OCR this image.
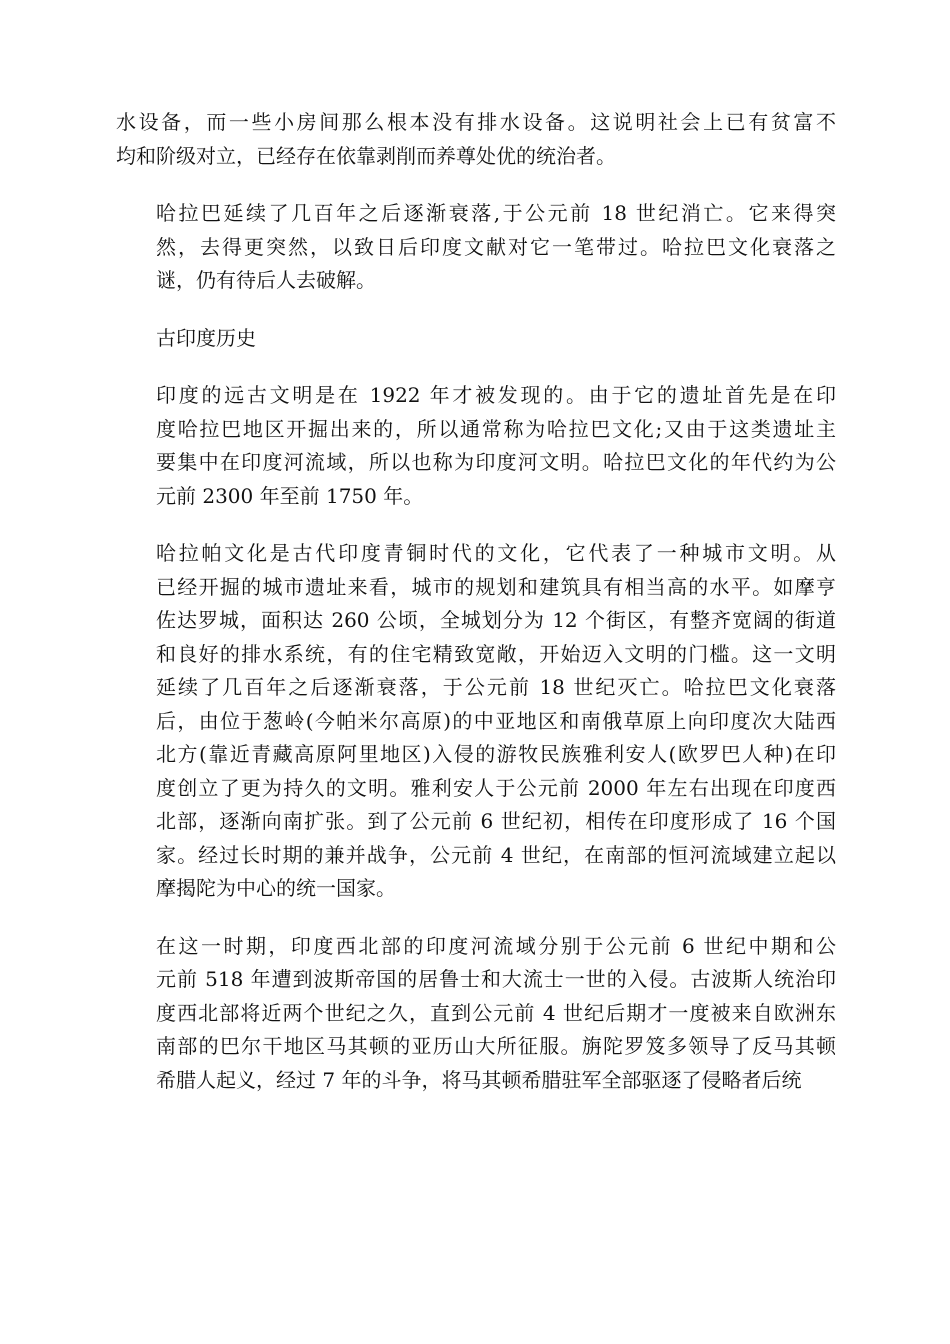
水设备，而一些小房间那么根本没有排水设备。这说明社会上已有贫富不
均和阶级对立，已经存在依靠剥削而养尊处优的统治者。
哈拉巴延续了几百年之后逐渐衰落,于公元前 18 世纪消亡。它来得突
然，去得更突然，以致日后印度文献对它一笔带过。哈拉巴文化衰落之
谜，仍有待后人去破解。
古印度历史
印度的远古文明是在 1922 年才被发现的。由于它的遗址首先是在印
度哈拉巴地区开掘出来的，所以通常称为哈拉巴文化;又由于这类遗址主
要集中在印度河流域，所以也称为印度河文明。哈拉巴文化的年代约为公
元前 2300 年至前 1750 年。
哈拉帕文化是古代印度青铜时代的文化，它代表了一种城市文明。从
已经开掘的城市遗址来看，城市的规划和建筑具有相当高的水平。如摩亨
佐达罗城，面积达 260 公顷，全城划分为 12 个街区，有整齐宽阔的街道
和良好的排水系统，有的住宅精致宽敞，开始迈入文明的门槛。这一文明
延续了几百年之后逐渐衰落，于公元前 18 世纪灭亡。哈拉巴文化衰落
后，由位于葱岭(今帕米尔高原)的中亚地区和南俄草原上向印度次大陆西
北方(靠近青藏高原阿里地区)入侵的游牧民族雅利安人(欧罗巴人种)在印
度创立了更为持久的文明。雅利安人于公元前 2000 年左右出现在印度西
北部，逐渐向南扩张。到了公元前 6 世纪初，相传在印度形成了 16 个国
家。经过长时期的兼并战争，公元前 4 世纪，在南部的恒河流域建立起以
摩揭陀为中心的统一国家。
在这一时期，印度西北部的印度河流域分别于公元前 6 世纪中期和公
元前 518 年遭到波斯帝国的居鲁士和大流士一世的入侵。古波斯人统治印
度西北部将近两个世纪之久，直到公元前 4 世纪后期才一度被来自欧洲东
南部的巴尔干地区马其顿的亚历山大所征服。旃陀罗笈多领导了反马其顿
希腊人起义，经过 7 年的斗争，将马其顿希腊驻军全部驱逐了侵略者后统
